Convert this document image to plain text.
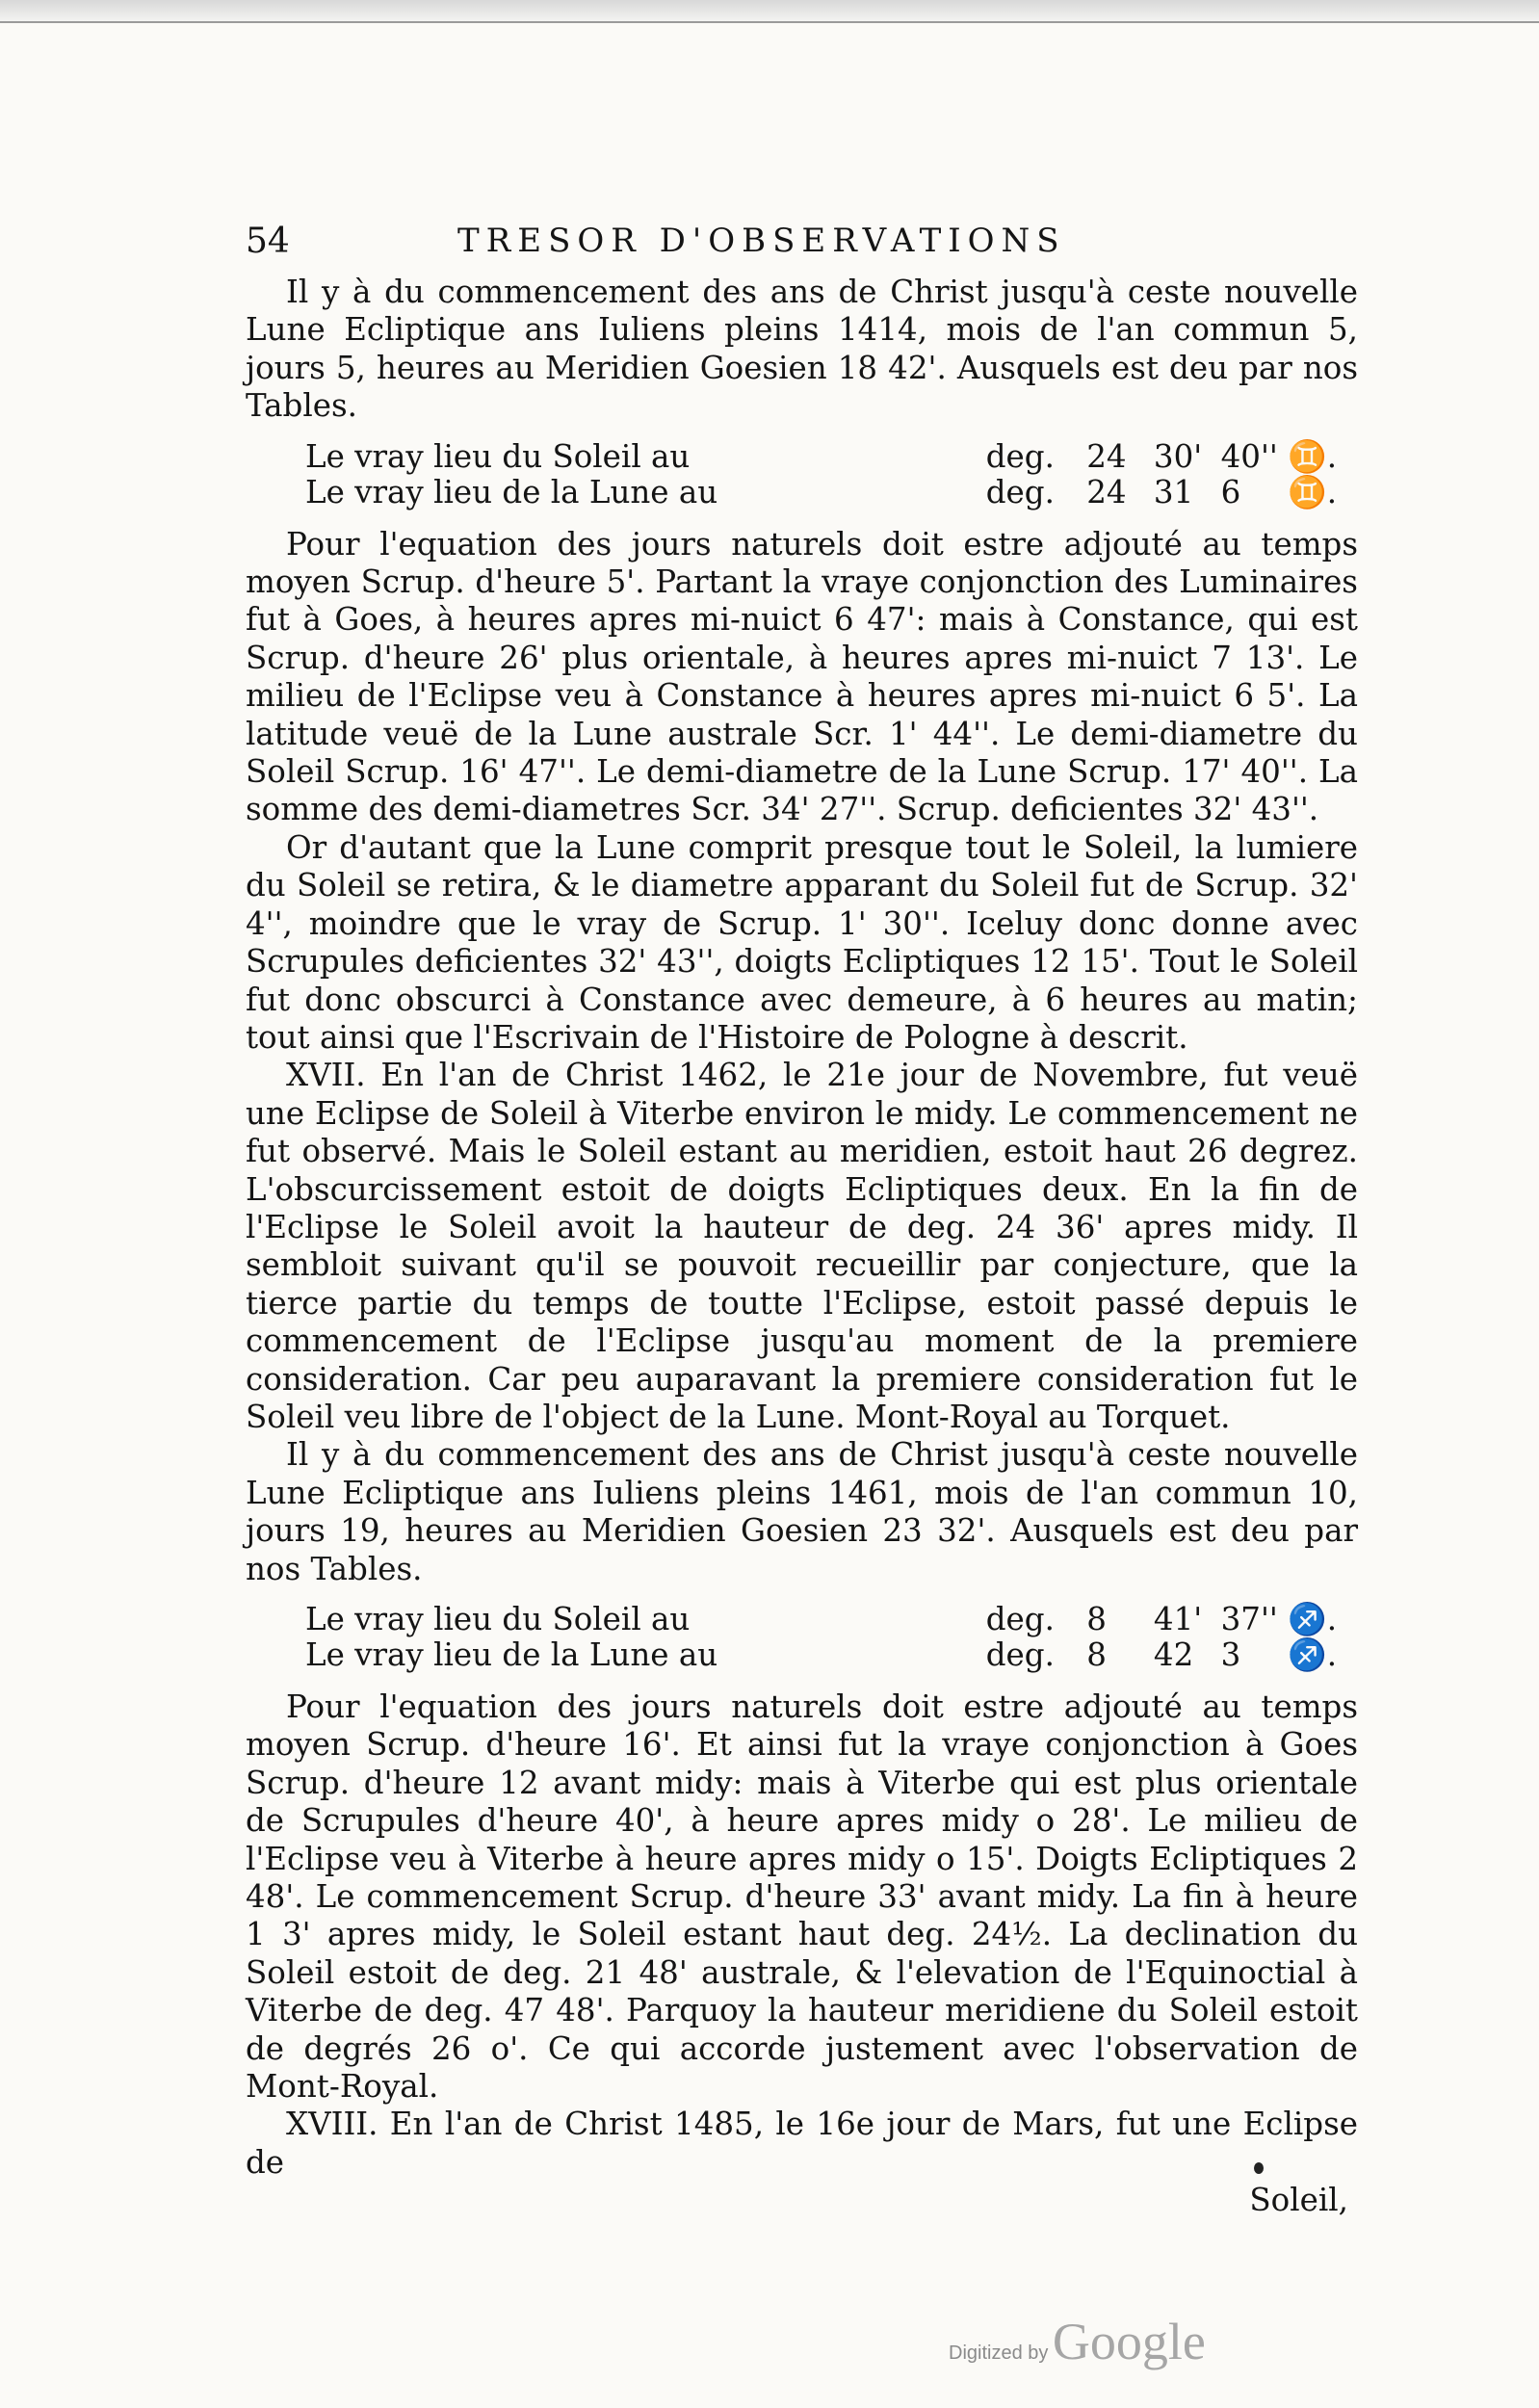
54	TRESOR D'OBSERVATIONS

Il y à du commencement des ans de Christ jusqu'à ceste nouvelle Lune Ecliptique ans Iuliens pleins 1414, mois de l'an commun 5, jours 5, heures au Meridien Goesien 18 42'. Ausquels est deu par nos Tables.

Le vray lieu du Soleil au	deg.	24 30' 40'' ♊.
Le vray lieu de la Lune au	deg.	24 31 6	♊.

Pour l'equation des jours naturels doit estre adjouté au temps moyen Scrup. d'heure 5'. Partant la vraye conjonction des Luminaires fut à Goes, à heures apres mi-nuict 6 47': mais à Constance, qui est Scrup. d'heure 26' plus orientale, à heures apres mi-nuict 7 13'. Le milieu de l'Eclipse veu à Constance à heures apres mi-nuict 6 5'. La latitude veuë de la Lune australe Scr. 1' 44''. Le demi-diametre du Soleil Scrup. 16' 47''. Le demi-diametre de la Lune Scrup. 17' 40''. La somme des demi-diametres Scr. 34' 27''. Scrup. deficientes 32' 43''.

Or d'autant que la Lune comprit presque tout le Soleil, la lumiere du Soleil se retira, & le diametre apparant du Soleil fut de Scrup. 32' 4'', moindre que le vray de Scrup. 1' 30''. Iceluy donc donne avec Scrupules deficientes 32' 43'', doigts Ecliptiques 12 15'. Tout le Soleil fut donc obscurci à Constance avec demeure, à 6 heures au matin; tout ainsi que l'Escrivain de l'Histoire de Pologne à descrit.

XVII. En l'an de Christ 1462, le 21e jour de Novembre, fut veuë une Eclipse de Soleil à Viterbe environ le midy. Le commencement ne fut observé. Mais le Soleil estant au meridien, estoit haut 26 degrez. L'obscurcissement estoit de doigts Ecliptiques deux. En la fin de l'Eclipse le Soleil avoit la hauteur de deg. 24 36' apres midy. Il sembloit suivant qu'il se pouvoit recueillir par conjecture, que la tierce partie du temps de toutte l'Eclipse, estoit passé depuis le commencement de l'Eclipse jusqu'au moment de la premiere consideration. Car peu auparavant la premiere consideration fut le Soleil veu libre de l'object de la Lune. Mont-Royal au Torquet.

Il y à du commencement des ans de Christ jusqu'à ceste nouvelle Lune Ecliptique ans Iuliens pleins 1461, mois de l'an commun 10, jours 19, heures au Meridien Goesien 23 32'. Ausquels est deu par nos Tables.

Le vray lieu du Soleil au	deg.	8	41' 37'' ♐.
Le vray lieu de la Lune au	deg.	8	42 3	♐.

Pour l'equation des jours naturels doit estre adjouté au temps moyen Scrup. d'heure 16'. Et ainsi fut la vraye conjonction à Goes Scrup. d'heure 12 avant midy: mais à Viterbe qui est plus orientale de Scrupules d'heure 40', à heure apres midy o 28'. Le milieu de l'Eclipse veu à Viterbe à heure apres midy o 15'. Doigts Ecliptiques 2 48'. Le commencement Scrup. d'heure 33' avant midy. La fin à heure 1 3' apres midy, le Soleil estant haut deg. 24½. La declination du Soleil estoit de deg. 21 48' australe, & l'elevation de l'Equinoctial à Viterbe de deg. 47 48'. Parquoy la hauteur meridiene du Soleil estoit de degrés 26 o'. Ce qui accorde justement avec l'observation de Mont-Royal.

XVIII. En l'an de Christ 1485, le 16e jour de Mars, fut une Eclipse de

Soleil,
Digitized by Google
